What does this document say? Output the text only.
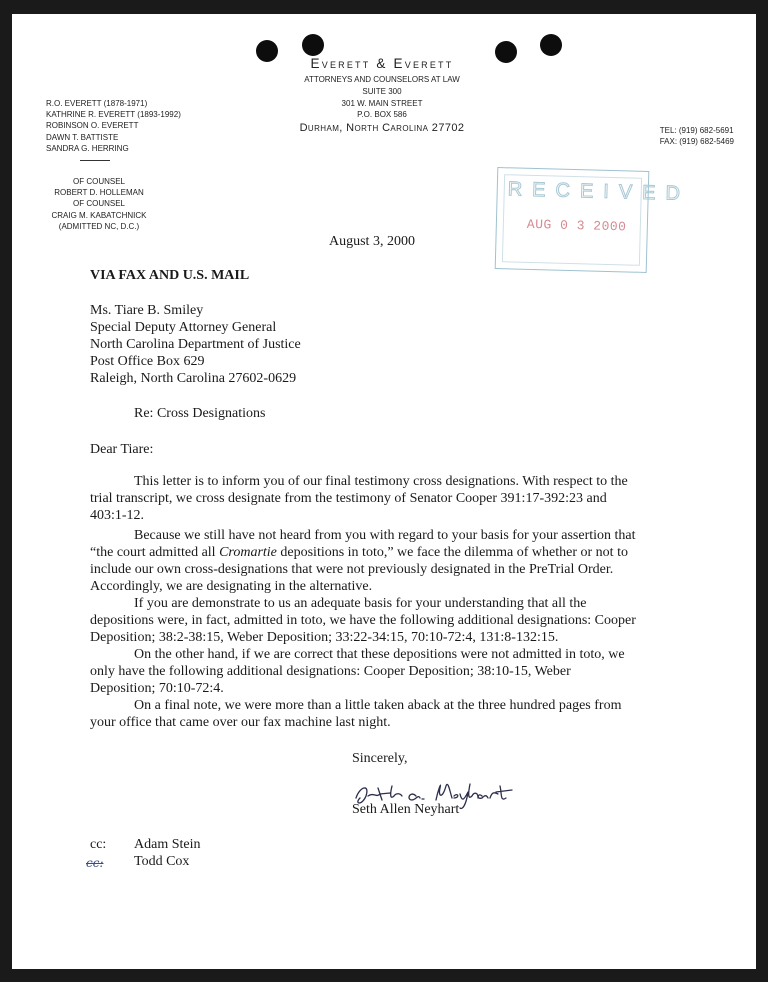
Everett & Everett
ATTORNEYS AND COUNSELORS AT LAW
SUITE 300
301 W. MAIN STREET
P.O. BOX 586
Durham, North Carolina 27702
R.O. EVERETT (1878-1971)
KATHRINE R. EVERETT (1893-1992)
ROBINSON O. EVERETT
DAWN T. BATTISTE
SANDRA G. HERRING
OF COUNSEL
ROBERT D. HOLLEMAN
OF COUNSEL
CRAIG M. KABATCHNICK
(ADMITTED NC, D.C.)
TEL: (919) 682-5691
FAX: (919) 682-5469
RECEIVED
AUG 0 3 2000
August 3, 2000
VIA FAX AND U.S. MAIL
Ms. Tiare B. Smiley
Special Deputy Attorney General
North Carolina Department of Justice
Post Office Box 629
Raleigh, North Carolina 27602-0629
Re: Cross Designations
Dear Tiare:
This letter is to inform you of our final testimony cross designations. With respect to the
trial transcript, we cross designate from the testimony of Senator Cooper 391:17-392:23 and
403:1-12.
Because we still have not heard from you with regard to your basis for your assertion that
“the court admitted all Cromartie depositions in toto,” we face the dilemma of whether or not to
include our own cross-designations that were not previously designated in the PreTrial Order.
Accordingly, we are designating in the alternative.
If you are demonstrate to us an adequate basis for your understanding that all the
depositions were, in fact, admitted in toto, we have the following additional designations: Cooper
Deposition; 38:2-38:15, Weber Deposition; 33:22-34:15, 70:10-72:4, 131:8-132:15.
On the other hand, if we are correct that these depositions were not admitted in toto, we
only have the following additional designations: Cooper Deposition; 38:10-15, Weber
Deposition; 70:10-72:4.
On a final note, we were more than a little taken aback at the three hundred pages from
your office that came over our fax machine last night.
Sincerely,
Seth Allen Neyhart
cc: Adam Stein
Todd Cox
cc:
